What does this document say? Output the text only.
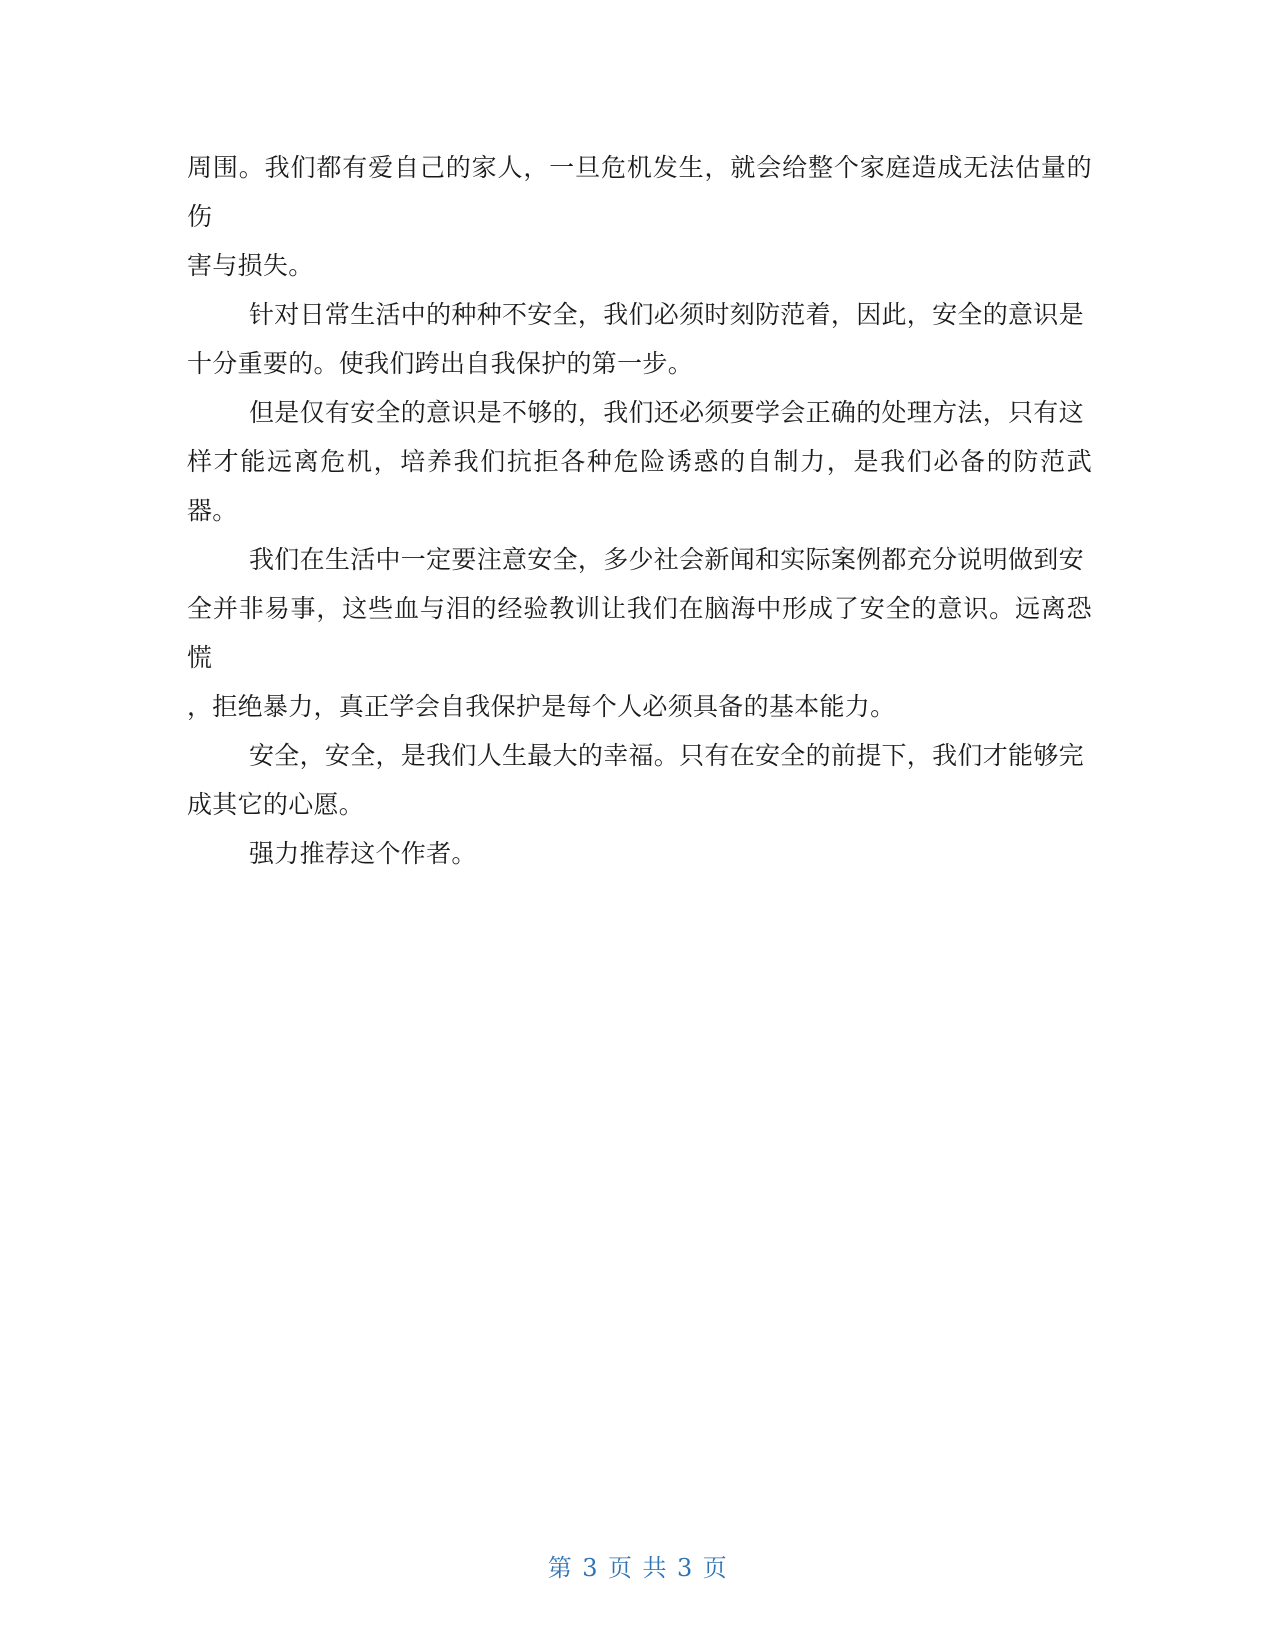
周围。我们都有爱自己的家人，一旦危机发生，就会给整个家庭造成无法估量的伤
害与损失。

针对日常生活中的种种不安全，我们必须时刻防范着，因此，安全的意识是
十分重要的。使我们跨出自我保护的第一步。

但是仅有安全的意识是不够的，我们还必须要学会正确的处理方法，只有这
样才能远离危机，培养我们抗拒各种危险诱惑的自制力，是我们必备的防范武器。

我们在生活中一定要注意安全，多少社会新闻和实际案例都充分说明做到安
全并非易事，这些血与泪的经验教训让我们在脑海中形成了安全的意识。远离恐慌
，拒绝暴力，真正学会自我保护是每个人必须具备的基本能力。

安全，安全，是我们人生最大的幸福。只有在安全的前提下，我们才能够完
成其它的心愿。

强力推荐这个作者。

第 3 页 共 3 页
